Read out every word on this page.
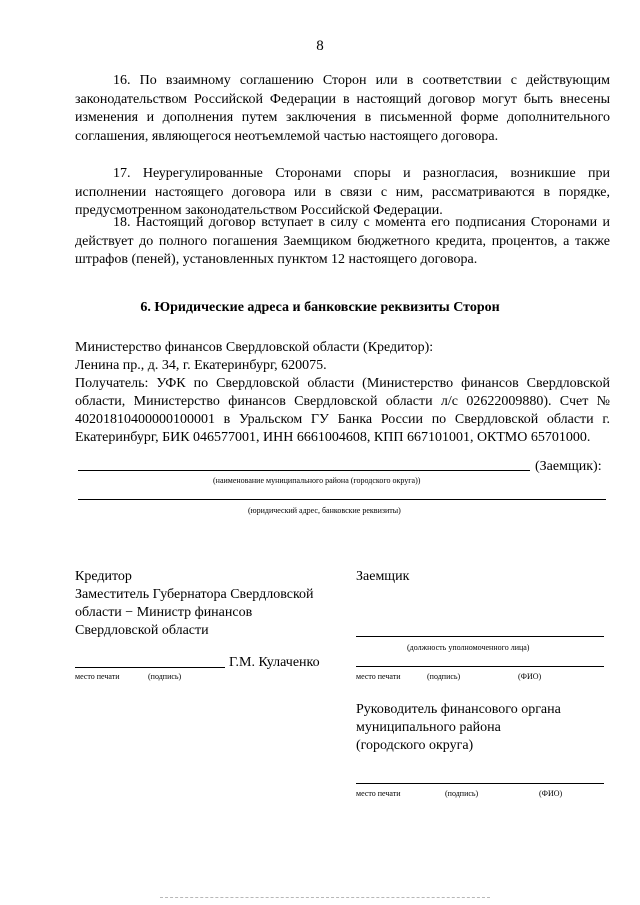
8
16. По взаимному соглашению Сторон или в соответствии с действующим законодательством Российской Федерации в настоящий договор могут быть внесены изменения и дополнения путем заключения в письменной форме дополнительного соглашения, являющегося неотъемлемой частью настоящего договора.
17. Неурегулированные Сторонами споры и разногласия, возникшие при исполнении настоящего договора или в связи с ним, рассматриваются в порядке, предусмотренном законодательством Российской Федерации.
18. Настоящий договор вступает в силу с момента его подписания Сторонами и действует до полного погашения Заемщиком бюджетного кредита, процентов, а также штрафов (пеней), установленных пунктом 12 настоящего договора.
6. Юридические адреса и банковские реквизиты Сторон

Министерство финансов Свердловской области (Кредитор):

Ленина пр., д. 34, г. Екатеринбург, 620075.

Получатель: УФК по Свердловской области (Министерство финансов Свердловской области, Министерство финансов Свердловской области л/с 02622009880). Счет № 40201810400000100001 в Уральском ГУ Банка России по Свердловской области г. Екатеринбург, БИК 046577001, ИНН 6661004608, КПП 667101001, ОКТМО 65701000.

(Заемщик):
(наименование муниципального района (городского округа))
(юридический адрес, банковские реквизиты)
Кредитор
Заместитель Губернатора Свердловской
области − Министр финансов
Свердловской области
Г.М. Кулаченко
место печати	(подпись)
Заемщик
(должность уполномоченного лица)
место печати	(подпись)	(ФИО)
Руководитель финансового органа
муниципального района
(городского округа)
место печати	(подпись)	(ФИО)
